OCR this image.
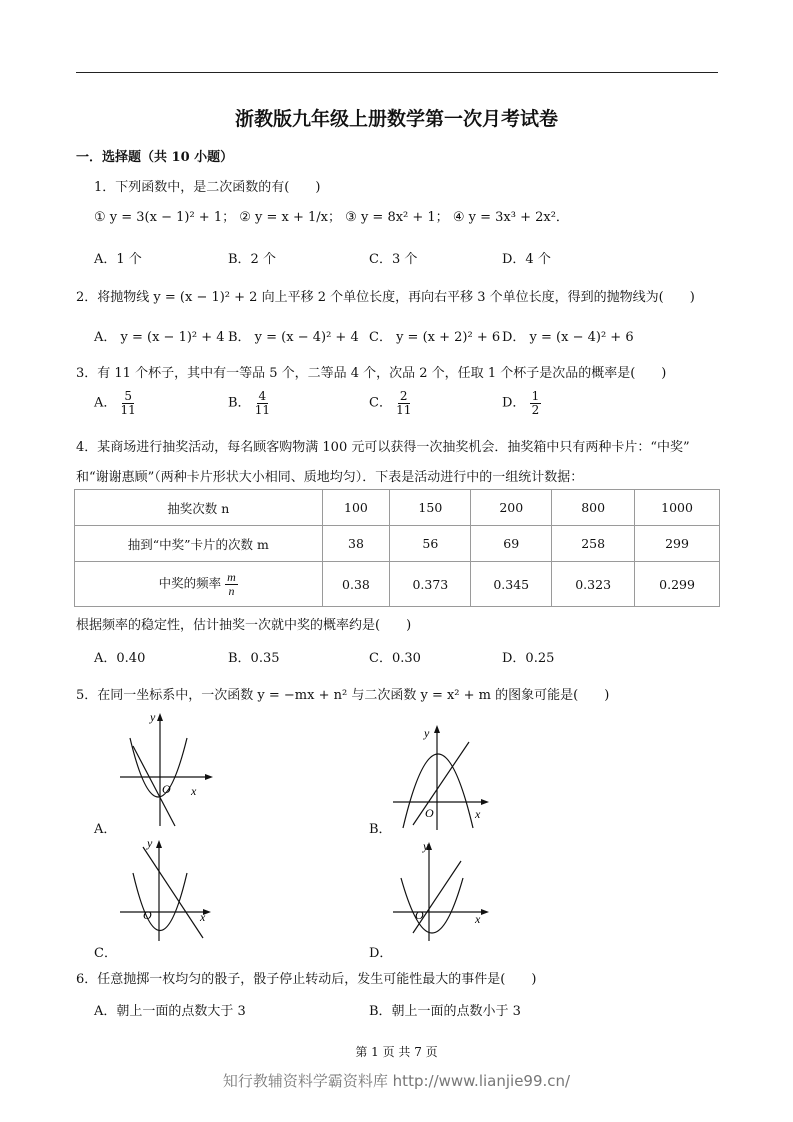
浙教版九年级上册数学第一次月考试卷
一．选择题（共 10 小题）
1．下列函数中，是二次函数的有(　　)
① y = 3(x − 1)² + 1； ② y = x + 1/x； ③ y = 8x² + 1； ④ y = 3x³ + 2x²．
A．1 个	B．2 个	C．3 个	D．4 个
2．将抛物线 y = (x − 1)² + 2 向上平移 2 个单位长度，再向右平移 3 个单位长度，得到的抛物线为(　　)
A． y = (x − 1)² + 4 B． y = (x − 4)² + 4 C． y = (x + 2)² + 6 D． y = (x − 4)² + 6
3．有 11 个杯子，其中有一等品 5 个，二等品 4 个，次品 2 个，任取 1 个杯子是次品的概率是(　　)
A． $\frac{5}{11}$	B． $\frac{4}{11}$	C． $\frac{2}{11}$	D． $\frac{1}{2}$
4．某商场进行抽奖活动，每名顾客购物满 100 元可以获得一次抽奖机会．抽奖箱中只有两种卡片：“中奖”
和“谢谢惠顾”（两种卡片形状大小相同、质地均匀）．下表是活动进行中的一组统计数据：
抽奖次数 n	100	150	200	800	1000
抽到“中奖”卡片的次数 m	38	56	69	258	299
中奖的频率 $\frac{m}{n}$	0.38	0.373	0.345	0.323	0.299
根据频率的稳定性，估计抽奖一次就中奖的概率约是(　　)
A．0.40	B．0.35	C．0.30	D．0.25
5．在同一坐标系中，一次函数 y = −mx + n² 与二次函数 y = x² + m 的图象可能是(　　)
y
x
O
A．
y
x
O
B．
y
x
O
C．
y
x
O
D．
6．任意抛掷一枚均匀的骰子，骰子停止转动后，发生可能性最大的事件是(　　)
A．朝上一面的点数大于 3	B．朝上一面的点数小于 3
第 1 页 共 7 页
知行教辅资料学霸资料库 http://www.lianjie99.cn/
